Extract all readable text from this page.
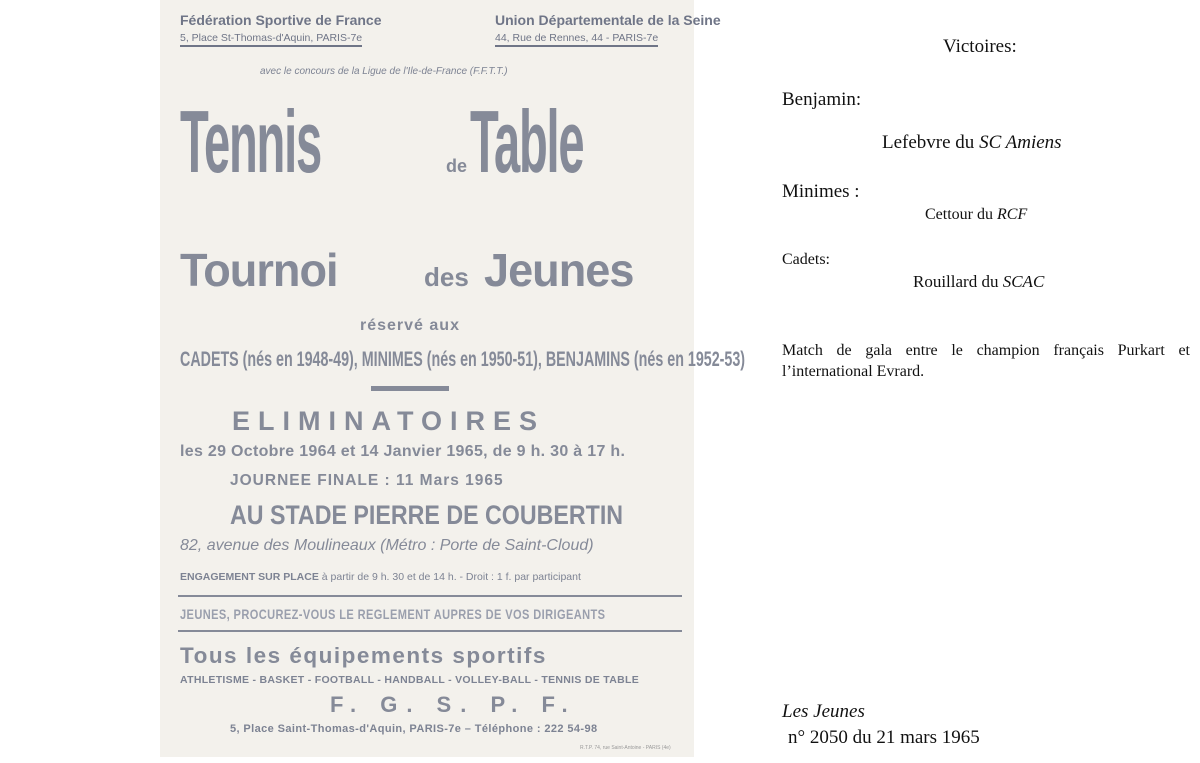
Fédération Sportive de France
5, Place St-Thomas-d'Aquin, PARIS-7e
Union Départementale de la Seine
44, Rue de Rennes, 44 - PARIS-7e
avec le concours de la Ligue de l'Ile-de-France (F.F.T.T.)
Tennis	de Table
Tournoi	des Jeunes
réservé aux
CADETS (nés en 1948-49), MINIMES (nés en 1950-51), BENJAMINS (nés en 1952-53)
ELIMINATOIRES
les 29 Octobre 1964 et 14 Janvier 1965, de 9 h. 30 à 17 h.
JOURNEE FINALE : 11 Mars 1965
AU STADE PIERRE DE COUBERTIN
82, avenue des Moulineaux (Métro : Porte de Saint-Cloud)
ENGAGEMENT SUR PLACE à partir de 9 h. 30 et de 14 h. - Droit : 1 f. par participant
JEUNES, PROCUREZ-VOUS LE REGLEMENT AUPRES DE VOS DIRIGEANTS
Tous les équipements sportifs
ATHLETISME - BASKET - FOOTBALL - HANDBALL - VOLLEY-BALL - TENNIS DE TABLE
F. G. S. P. F.
5, Place Saint-Thomas-d'Aquin, PARIS-7e – Téléphone : 222 54-98
R.T.P. 74, rue Saint-Antoine - PARIS (4e)
Victoires:
Benjamin:
Lefebvre du SC Amiens
Minimes :
Cettour du RCF
Cadets:
Rouillard du SCAC
Match de gala entre le champion français Purkart et l’international Evrard.
Les Jeunes
n° 2050 du 21 mars 1965
